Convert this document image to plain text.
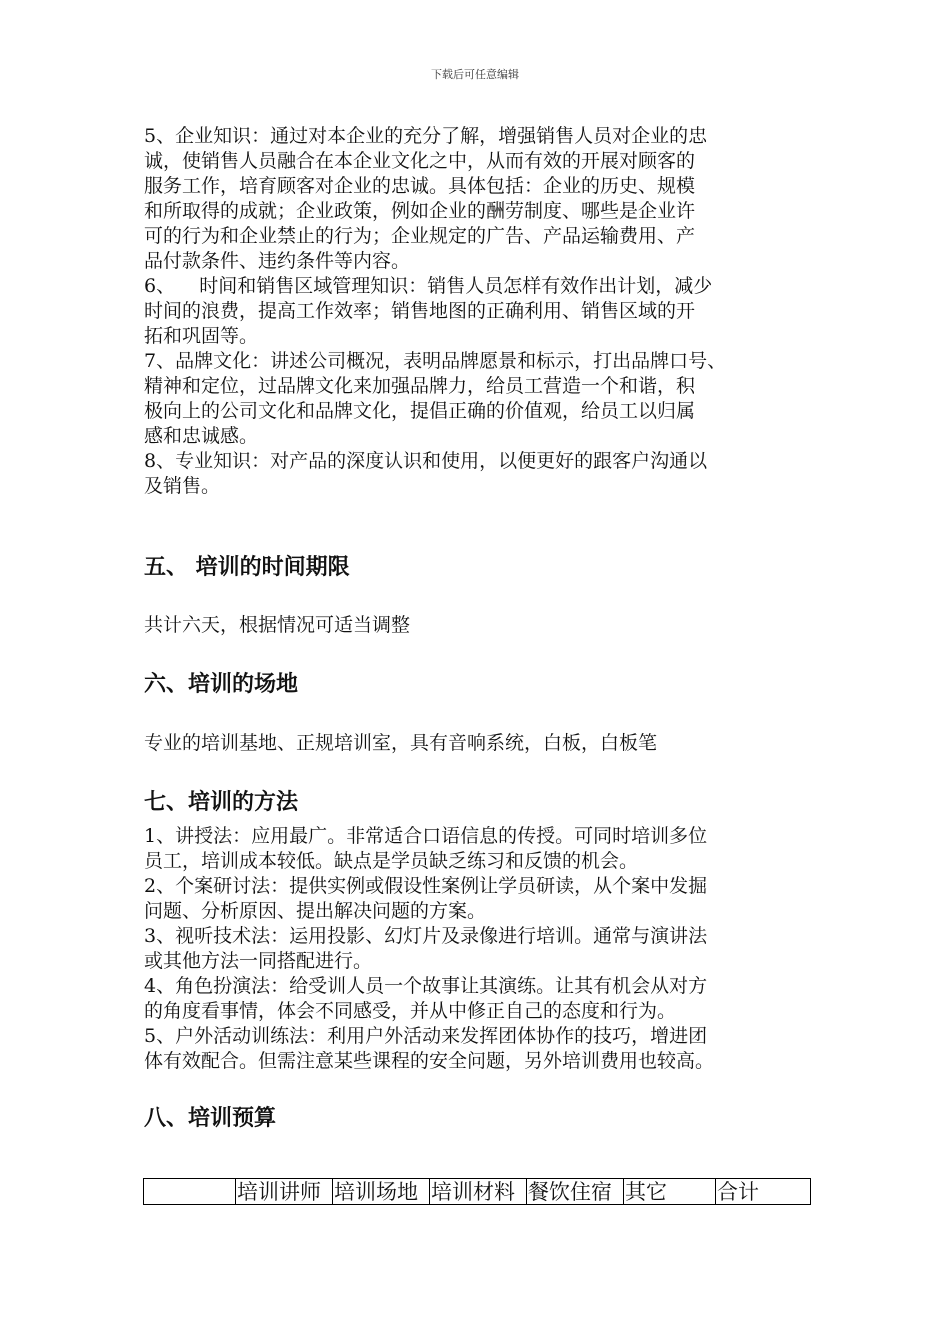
下载后可任意编辑

5、企业知识：通过对本企业的充分了解，增强销售人员对企业的忠

诚，使销售人员融合在本企业文化之中，从而有效的开展对顾客的

服务工作，培育顾客对企业的忠诚。具体包括：企业的历史、规模

和所取得的成就；企业政策，例如企业的酬劳制度、哪些是企业许

可的行为和企业禁止的行为；企业规定的广告、产品运输费用、产

品付款条件、违约条件等内容。

6、    时间和销售区域管理知识：销售人员怎样有效作出计划，减少

时间的浪费，提高工作效率；销售地图的正确利用、销售区域的开

拓和巩固等。

7、品牌文化：讲述公司概况，表明品牌愿景和标示，打出品牌口号、

精神和定位，过品牌文化来加强品牌力，给员工营造一个和谐，积

极向上的公司文化和品牌文化，提倡正确的价值观，给员工以归属

感和忠诚感。

8、专业知识：对产品的深度认识和使用，以便更好的跟客户沟通以

及销售。

五、 培训的时间期限

共计六天，根据情况可适当调整

六、培训的场地

专业的培训基地、正规培训室，具有音响系统，白板，白板笔

七、培训的方法

1、讲授法：应用最广。非常适合口语信息的传授。可同时培训多位

员工，培训成本较低。缺点是学员缺乏练习和反馈的机会。

2、个案研讨法：提供实例或假设性案例让学员研读，从个案中发掘

问题、分析原因、提出解决问题的方案。

3、视听技术法：运用投影、幻灯片及录像进行培训。通常与演讲法

或其他方法一同搭配进行。

4、角色扮演法：给受训人员一个故事让其演练。让其有机会从对方

的角度看事情，体会不同感受，并从中修正自己的态度和行为。

5、户外活动训练法：利用户外活动来发挥团体协作的技巧，增进团

体有效配合。但需注意某些课程的安全问题，另外培训费用也较高。

八、培训预算
	培训讲师	培训场地	培训材料	餐饮住宿	其它	合计
